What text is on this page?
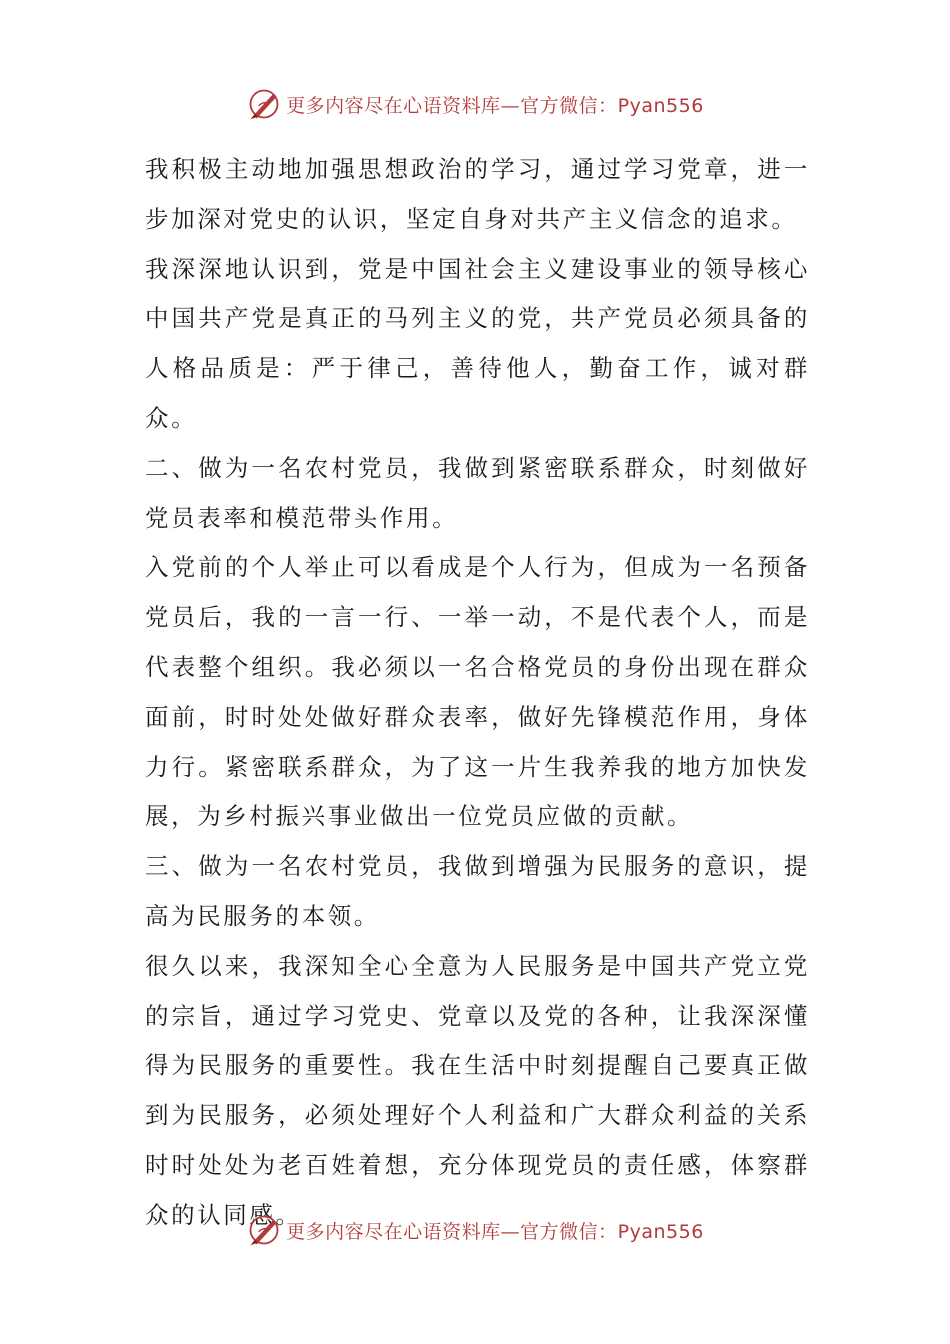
更多内容尽在心语资料库—官方微信：Pyan556

我积极主动地加强思想政治的学习，通过学习党章，进一步加深对党史的认识，坚定自身对共产主义信念的追求。

我深深地认识到，党是中国社会主义建设事业的领导核心中国共产党是真正的马列主义的党，共产党员必须具备的人格品质是：严于律己，善待他人，勤奋工作，诚对群众。

二、做为一名农村党员，我做到紧密联系群众，时刻做好党员表率和模范带头作用。

入党前的个人举止可以看成是个人行为，但成为一名预备党员后，我的一言一行、一举一动，不是代表个人，而是代表整个组织。我必须以一名合格党员的身份出现在群众面前，时时处处做好群众表率，做好先锋模范作用，身体力行。紧密联系群众，为了这一片生我养我的地方加快发展，为乡村振兴事业做出一位党员应做的贡献。

三、做为一名农村党员，我做到增强为民服务的意识，提高为民服务的本领。

很久以来，我深知全心全意为人民服务是中国共产党立党的宗旨，通过学习党史、党章以及党的各种，让我深深懂得为民服务的重要性。我在生活中时刻提醒自己要真正做到为民服务，必须处理好个人利益和广大群众利益的关系时时处处为老百姓着想，充分体现党员的责任感，体察群众的认同感。

更多内容尽在心语资料库—官方微信：Pyan556
